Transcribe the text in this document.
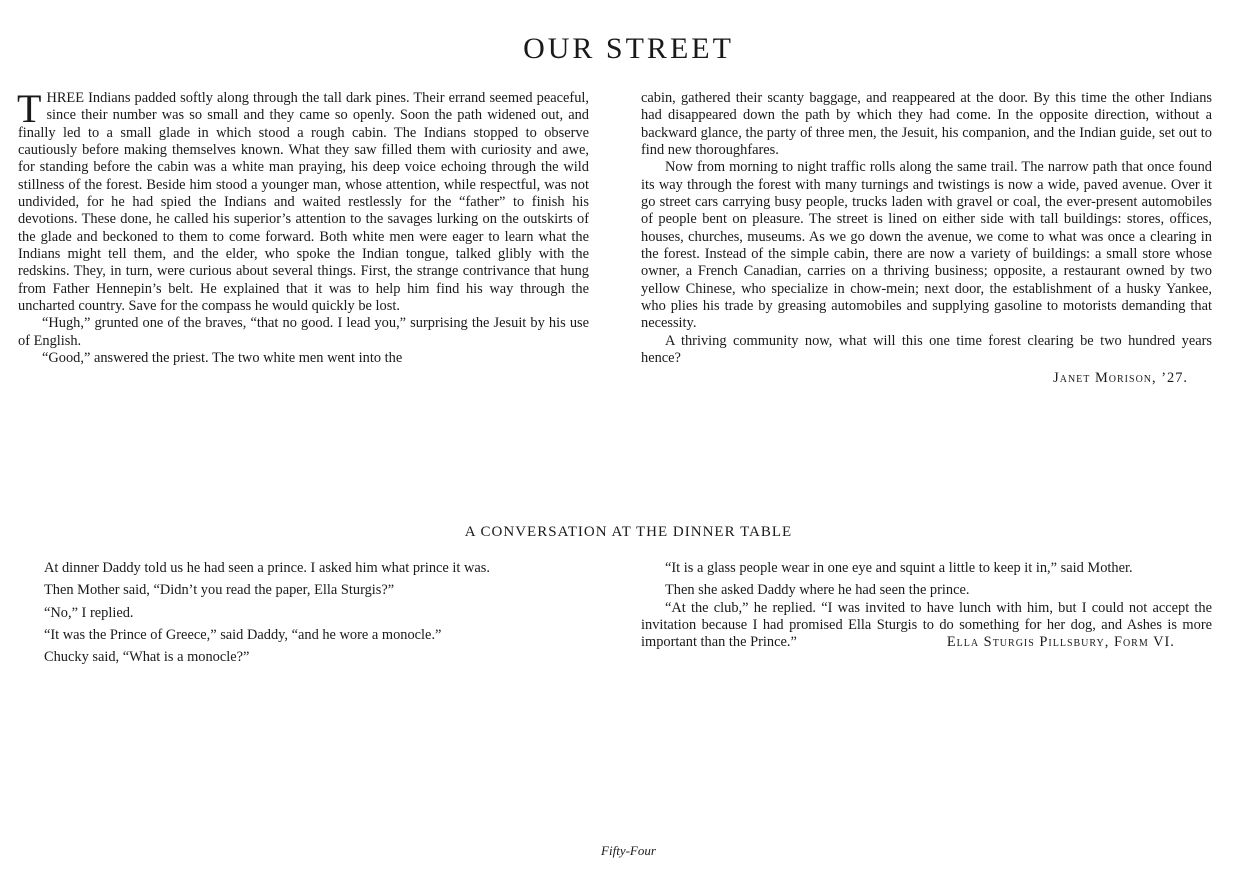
OUR STREET

THREE Indians padded softly along through the tall dark pines. Their errand seemed peaceful, since their number was so small and they came so openly. Soon the path widened out, and finally led to a small glade in which stood a rough cabin. The Indians stopped to observe cautiously before making themselves known. What they saw filled them with curiosity and awe, for standing before the cabin was a white man praying, his deep voice echoing through the wild stillness of the forest. Beside him stood a younger man, whose attention, while respectful, was not undivided, for he had spied the Indians and waited restlessly for the “father” to finish his devotions. These done, he called his superior’s attention to the savages lurking on the outskirts of the glade and beckoned to them to come forward. Both white men were eager to learn what the Indians might tell them, and the elder, who spoke the Indian tongue, talked glibly with the redskins. They, in turn, were curious about several things. First, the strange contrivance that hung from Father Hennepin’s belt. He explained that it was to help him find his way through the uncharted country. Save for the compass he would quickly be lost.

“Hugh,” grunted one of the braves, “that no good. I lead you,” surprising the Jesuit by his use of English.

“Good,” answered the priest. The two white men went into the

cabin, gathered their scanty baggage, and reappeared at the door. By this time the other Indians had disappeared down the path by which they had come. In the opposite direction, without a backward glance, the party of three men, the Jesuit, his companion, and the Indian guide, set out to find new thoroughfares.

Now from morning to night traffic rolls along the same trail. The narrow path that once found its way through the forest with many turnings and twistings is now a wide, paved avenue. Over it go street cars carrying busy people, trucks laden with gravel or coal, the ever-present automobiles of people bent on pleasure. The street is lined on either side with tall buildings: stores, offices, houses, churches, museums. As we go down the avenue, we come to what was once a clearing in the forest. Instead of the simple cabin, there are now a variety of buildings: a small store whose owner, a French Canadian, carries on a thriving business; opposite, a restaurant owned by two yellow Chinese, who specialize in chow-mein; next door, the establishment of a husky Yankee, who plies his trade by greasing automobiles and supplying gasoline to motorists demanding that necessity.

A thriving community now, what will this one time forest clearing be two hundred years hence?

Janet Morison, ’27.
A CONVERSATION AT THE DINNER TABLE

At dinner Daddy told us he had seen a prince. I asked him what prince it was.

Then Mother said, “Didn’t you read the paper, Ella Sturgis?”

“No,” I replied.

“It was the Prince of Greece,” said Daddy, “and he wore a monocle.”

Chucky said, “What is a monocle?”

“It is a glass people wear in one eye and squint a little to keep it in,” said Mother.

Then she asked Daddy where he had seen the prince.

“At the club,” he replied. “I was invited to have lunch with him, but I could not accept the invitation because I had promised Ella Sturgis to do something for her dog, and Ashes is more important than the Prince.”	Ella Sturgis Pillsbury, Form VI.

Fifty-Four
